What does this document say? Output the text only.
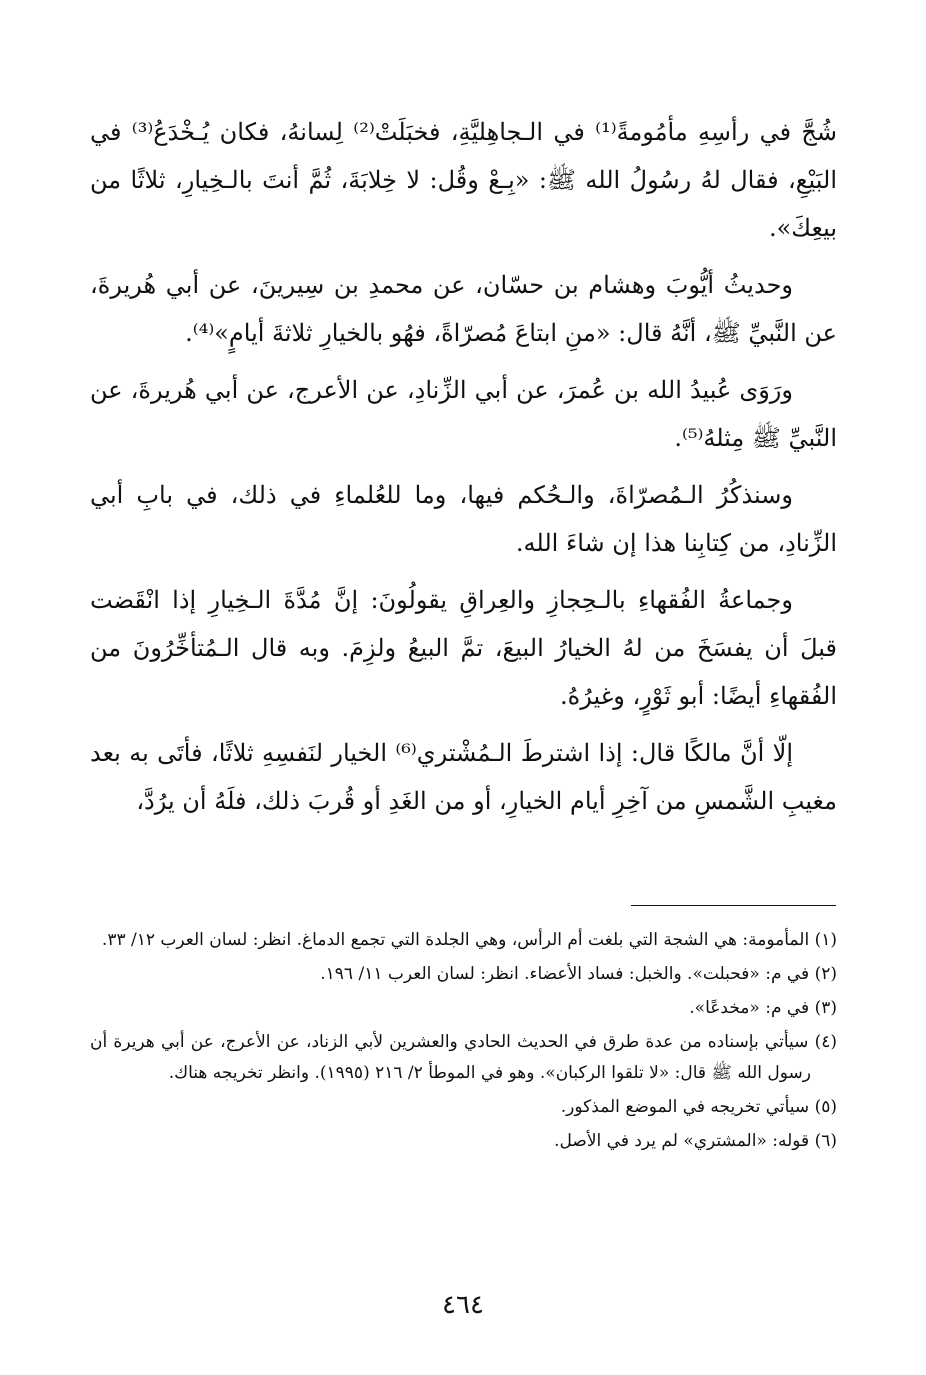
شُجَّ في رأسِهِ مأمُومةً⁽¹⁾ في الـجاهِليَّةِ، فخبَلَتْ⁽²⁾ لِسانهُ، فكان يُـخْدَعُ⁽³⁾ في البَيْعِ، فقال لهُ رسُولُ الله ﷺ: «بِـعْ وقُل: لا خِلابَةَ، ثُمَّ أنتَ بالـخِيارِ، ثلاثًا من بيعِكَ».

وحديثُ أيُّوبَ وهشام بن حسّان، عن محمدِ بن سِيرينَ، عن أبي هُريرةَ، عن النَّبيِّ ﷺ، أنَّهُ قال: «منِ ابتاعَ مُصرّاةً، فهُو بالخيارِ ثلاثةَ أيامٍ»⁽⁴⁾.

ورَوَى عُبيدُ الله بن عُمرَ، عن أبي الزِّنادِ، عن الأعرج، عن أبي هُريرةَ، عن النَّبيِّ ﷺ مِثلهُ⁽⁵⁾.

وسنذكُرُ الـمُصرّاةَ، والـحُكم فيها، وما للعُلماءِ في ذلك، في بابِ أبي الزِّنادِ، من كِتابِنا هذا إن شاءَ الله.

وجماعةُ الفُقهاءِ بالـحِجازِ والعِراقِ يقولُونَ: إنَّ مُدَّةَ الـخِيارِ إذا انْقَضت قبلَ أن يفسَخَ من لهُ الخيارُ البيعَ، تمَّ البيعُ ولزِمَ. وبه قال الـمُتأخِّرُونَ من الفُقهاءِ أيضًا: أبو ثَوْرٍ، وغيرُهُ.

إلّا أنَّ مالكًا قال: إذا اشترطَ الـمُشْتري⁽⁶⁾ الخيار لنَفسِهِ ثلاثًا، فأتَى به بعد مغيبِ الشَّمسِ من آخِرِ أيام الخيارِ، أو من الغَدِ أو قُربَ ذلك، فلَهُ أن يرُدَّ،

(١) المأمومة: هي الشجة التي بلغت أم الرأس، وهي الجلدة التي تجمع الدماغ. انظر: لسان العرب ١٢/ ٣٣.

(٢) في م: «فحبلت». والخبل: فساد الأعضاء. انظر: لسان العرب ١١/ ١٩٦.

(٣) في م: «مخدعًا».

(٤) سيأتي بإسناده من عدة طرق في الحديث الحادي والعشرين لأبي الزناد، عن الأعرج، عن أبي هريرة أن رسول الله ﷺ قال: «لا تلقوا الركبان». وهو في الموطأ ٢/ ٢١٦ (١٩٩٥). وانظر تخريجه هناك.

(٥) سيأتي تخريجه في الموضع المذكور.

(٦) قوله: «المشتري» لم يرد في الأصل.

٤٦٤
